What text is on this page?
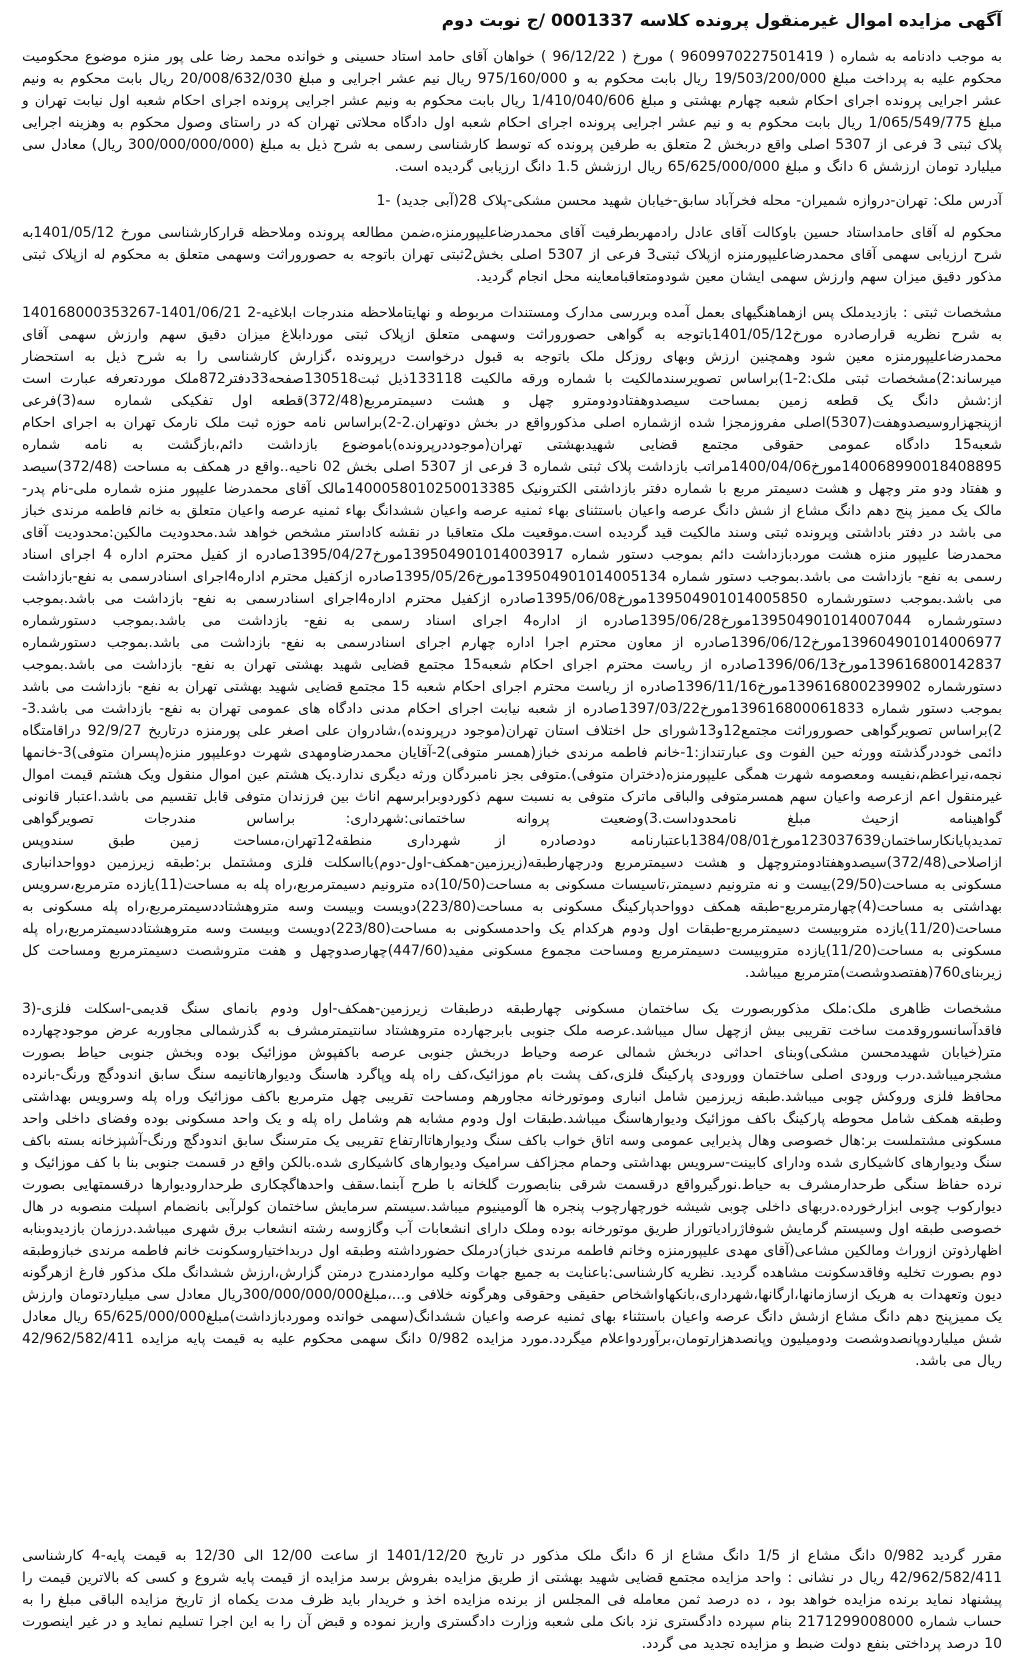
آگهی مزایده اموال غیرمنقول پرونده کلاسه 0001337 /ج نوبت دوم

به موجب دادنامه به شماره ( 9609970227501419 ) مورخ ( 96/12/22 ) خواهان آقای حامد استاد حسینی و خوانده محمد رضا علی پور منزه موضوع محکومیت محکوم علیه به پرداخت مبلغ 19/503/200/000 ریال بابت محکوم به و 975/160/000 ریال نیم عشر اجرایی و مبلغ 20/008/632/030 ریال بابت محکوم به ونیم عشر اجرایی پرونده اجرای احکام شعبه چهارم بهشتی و مبلغ 1/410/040/606 ریال بابت محکوم به ونیم عشر اجرایی پرونده اجرای احکام شعبه اول نیابت تهران و مبلغ 1/065/549/775 ریال بابت محکوم به و نیم عشر اجرایی پرونده اجرای احکام شعبه اول دادگاه محلاتی تهران که در راستای وصول محکوم به وهزینه اجرایی پلاک ثبتی 3 فرعی از 5307 اصلی واقع دربخش 2 متعلق به طرفین پرونده که توسط کارشناسی رسمی به شرح ذیل به مبلغ (300/000/000/000 ریال) معادل سی میلیارد تومان ارزشش 6 دانگ و مبلغ 65/625/000/000 ریال ارزشش 1.5 دانگ ارزیابی گردیده است.

آدرس ملک: تهران-دروازه شمیران- محله فخرآباد سابق-خیابان شهید محسن مشکی-پلاک 28(آبی جدید) -1

محکوم له آقای حامداستاد حسین باوکالت آقای عادل رادمهربطرفیت آقای محمدرضاعلیپورمنزه،ضمن مطالعه پرونده وملاحظه قرارکارشناسی مورخ 1401/05/12به شرح ارزیابی سهمی آقای محمدرضاعلیپورمنزه ازپلاک ثبتی3 فرعی از 5307 اصلی بخش2ثبتی تهران باتوجه به حصوروراثت وسهمی متعلق به محکوم له ازپلاک ثبتی مذکور دقیق میزان سهم وارزش سهمی ایشان معین شودومتعاقبامعاینه محل انجام گردید.

مشخصات ثبتی : بازدیدملک پس ازهماهنگیهای بعمل آمده وبررسی مدارک ومستندات مربوطه و نهایتاملاحظه مندرجات ابلاغیه-2 1401/06/21-140168000353267 به شرح نظریه قرارصادره مورخ1401/05/12باتوجه به گواهی حصوروراثت وسهمی متعلق ازپلاک ثبتی موردابلاغ میزان دقیق سهم وارزش سهمی آقای محمدرضاعلیپورمنزه معین شود وهمچنین ارزش وبهای روزکل ملک باتوجه به قبول درخواست درپرونده ،گزارش کارشناسی را به شرح ذیل به استحضار میرساند:2)مشخصات ثبتی ملک:2-1)براساس تصویرسندمالکیت با شماره ورقه مالکیت 133118ذیل ثبت130518صفحه33دفتر872ملک موردتعرفه عبارت است از:شش دانگ یک قطعه زمین بمساحت سیصدوهفتادودومترو چهل و هشت دسیمترمربع(372/48)قطعه اول تفکیکی شماره سه(3)فرعی ازپنجهزاروسیصدوهفت(5307)اصلی مفروزمجزا شده ازشماره اصلی مذکورواقع در بخش دوتهران.2-2)براساس نامه حوزه ثبت ملک نارمک تهران به اجرای احکام شعبه15 دادگاه عمومی حقوقی مجتمع قضایی شهیدبهشتی تهران(موجوددرپرونده)باموضوع بازداشت دائم،بازگشت به نامه شماره 140068990018408895مورخ1400/04/06مراتب بازداشت پلاک ثبتی شماره 3 فرعی از 5307 اصلی بخش 02 ناحیه..واقع در همکف به مساحت (372/48)سیصد و هفتاد ودو متر وچهل و هشت دسیمتر مربع با شماره دفتر بازداشتی الکترونیک 1400058010250013385مالک آقای محمدرضا علیپور منزه شماره ملی-نام پدر- مالک یک ممیز پنج دهم دانگ مشاع از شش دانگ عرصه واعیان باستثنای بهاء ثمنیه عرصه واعیان ششدانگ بهاء ثمنیه عرصه واعیان متعلق به خانم فاطمه مرندی خباز می باشد در دفتر باداشتی وپرونده ثبتی وسند مالکیت قید گردیده است.موقعیت ملک متعاقبا در نقشه کاداستر مشخص خواهد شد.محدودیت مالکین:محدودیت آقای محمدرضا علیپور منزه هشت موردبازداشت دائم بموجب دستور شماره 139504901014003917مورخ1395/04/27صادره از کفیل محترم اداره 4 اجرای اسناد رسمی به نفع- بازداشت می باشد.بموجب دستور شماره 139504901014005134مورخ1395/05/26صادره ازکفیل محترم اداره4اجرای اسنادرسمی به نفع-بازداشت می باشد.بموجب دستورشماره 139504901014005850مورخ1395/06/08صادره ازکفیل محترم اداره4اجرای اسنادرسمی به نفع- بازداشت می باشد.بموجب دستورشماره 139504901014007044مورخ1395/06/28صادره از اداره4 اجرای اسناد رسمی به نفع- بازداشت می باشد.بموجب دستورشماره 139604901014006977مورخ1396/06/12صادره از معاون محترم اجرا اداره چهارم اجرای اسنادرسمی به نفع- بازداشت می باشد.بموجب دستورشماره 139616800142837مورخ1396/06/13صادره از ریاست محترم اجرای احکام شعبه15 مجتمع قضایی شهید بهشتی تهران به نفع- بازداشت می باشد.بموجب دستورشماره 139616800239902مورخ1396/11/16صادره از ریاست محترم اجرای احکام شعبه 15 مجتمع قضایی شهید بهشتی تهران به نفع- بازداشت می باشد بموجب دستور شماره 139616800061833مورخ1397/03/22صادره از شعبه نیابت اجرای احکام مدنی دادگاه های عمومی تهران به نفع- بازداشت می باشد.3-2)براساس تصویرگواهی حصوروراثت مجتمع12و13شورای حل اختلاف استان تهران(موجود درپرونده)،شادروان علی اصغر علی پورمنزه درتاریخ 92/9/27 دراقامتگاه دائمی خوددرگذشته وورثه حین الفوت وی عبارتنداز:1-خانم فاطمه مرندی خباز(همسر متوفی)2-آقایان محمدرضاومهدی شهرت دوعلیپور منزه(پسران متوفی)3-خانمها نجمه،نیراعظم،نفیسه ومعصومه شهرت همگی علیپورمنزه(دختران متوفی).متوفی بجز نامبردگان ورثه دیگری ندارد.یک هشتم عین اموال منقول ویک هشتم قیمت اموال غیرمنقول اعم ازعرصه واعیان سهم همسرمتوفی والباقی ماترک متوفی به نسبت سهم ذکوردوبرابرسهم اناث بین فرزندان متوفی قابل تقسیم می باشد.اعتبار قانونی گواهینامه ازحیث مبلغ نامحدوداست.3)وضعیت پروانه ساختمانی:شهرداری: براساس مندرجات تصویرگواهی تمدیدپایانکارساختمان123037639مورخ1384/08/01باعتبارنامه دودصادره از شهرداری منطقه12تهران،مساحت زمین طبق سندوپس ازاصلاحی(372/48)سیصدوهفتادومتروچهل و هشت دسیمترمربع ودرچهارطبقه(زیرزمین-همکف-اول-دوم)بااسکلت فلزی ومشتمل بر:طبقه زیرزمین دوواحدانباری مسکونی به مساحت(29/50)بیست و نه مترونیم دسیمتر،تاسیسات مسکونی به مساحت(10/50)ده مترونیم دسیمترمربع،راه پله به مساحت(11)یازده مترمربع،سرویس بهداشتی به مساحت(4)چهارمترمربع-طبقه همکف دوواحدپارکینگ مسکونی به مساحت(223/80)دویست وبیست وسه متروهشتاددسیمترمربع،راه پله مسکونی به مساحت(11/20)یازده متروبیست دسیمترمربع-طبقات اول ودوم هرکدام یک واحدمسکونی به مساحت(223/80)دویست وبیست وسه متروهشتاددسیمترمربع،راه پله مسکونی به مساحت(11/20)یازده متروبیست دسیمترمربع ومساحت مجموع مسکونی مفید(447/60)چهارصدوچهل و هفت متروشصت دسیمترمربع ومساحت کل زیربنای760(هفتصدوشصت)مترمربع میباشد.

مشخصات ظاهری ملک:ملک مذکوربصورت یک ساختمان مسکونی چهارطبقه درطبقات زیرزمین-همکف-اول ودوم بانمای سنگ قدیمی-اسکلت فلزی-(3 فاقدآسانسوروقدمت ساخت تقریبی بیش ازچهل سال میباشد.عرصه ملک جنوبی بابرجهارده متروهشتاد سانتیمترمشرف به گذرشمالی مجاوربه عرض موجودچهارده متر(خیابان شهیدمحسن مشکی)وبنای احداثی دربخش شمالی عرصه وحیاط دربخش جنوبی عرصه باکفپوش موزائیک بوده وبخش جنوبی حیاط بصورت مشجرمیباشد.درب ورودی اصلی ساختمان وورودی پارکینگ فلزی،کف پشت بام موزائیک،کف راه پله وپاگرد هاسنگ ودیوارهاتانیمه سنگ سابق اندودگچ ورنگ-بانرده محافظ فلزی وروکش چوبی میباشد.طبقه زیرزمین شامل انباری وموتورخانه مجاورهم ومساحت تقریبی چهل مترمربع باکف موزائیک وراه پله وسرویس بهداشتی وطبقه همکف شامل محوطه پارکینگ باکف موزائیک ودیوارهاسنگ میباشد.طبقات اول ودوم مشابه هم وشامل راه پله و یک واحد مسکونی بوده وفضای داخلی واحد مسکونی مشتملست بر:هال خصوصی وهال پذیرایی عمومی وسه اتاق خواب باکف سنگ ودیوارهاتاارتفاع تقریبی یک مترسنگ سابق اندودگچ ورنگ-آشپزخانه بسته باکف سنگ ودیوارهای کاشیکاری شده ودارای کابینت-سرویس بهداشتی وحمام مجزاکف سرامیک ودیوارهای کاشیکاری شده.بالکن واقع در قسمت جنوبی بنا با کف موزائیک و نرده حفاظ سنگی طرحدارمشرف به حیاط.نورگیرواقع درقسمت شرقی بنابصورت گلخانه با طرح آبنما.سقف واحدهاگچکاری طرحدارودیوارها درقسمتهایی بصورت دیوارکوب چوبی ابزارخورده.دربهای داخلی چوبی شیشه خورچهارچوب پنجره ها آلومینیوم میباشد.سیستم سرمایش ساختمان کولرآبی بانضمام اسپلت منصوبه در هال خصوصی طبقه اول وسیستم گرمایش شوفاژرادیاتوراز طریق موتورخانه بوده وملک دارای انشعابات آب وگازوسه رشته انشعاب برق شهری میباشد.درزمان بازدیدوبنابه اظهارذوتن ازوراث ومالکین مشاعی(آقای مهدی علیپورمنزه وخانم فاطمه مرندی خباز)درملک حضورداشته وطبقه اول دربداختیاروسکونت خانم فاطمه مرندی خبازوطبقه دوم بصورت تخلیه وفاقدسکونت مشاهده گردید. نظریه کارشناسی:باعنایت به جمیع جهات وکلیه مواردمندرج درمتن گزارش،ارزش ششدانگ ملک مذکور فارغ ازهرگونه دیون وتعهدات به هریک ازسازمانها،ارگانها،شهرداری،بانکهاواشخاص حقیقی وحقوقی وهرگونه خلافی و...،مبلغ300/000/000/000ریال معادل سی میلیاردتومان وارزش یک ممیزپنج دهم دانگ مشاع ازشش دانگ عرصه واعیان باستثناء بهای ثمنیه عرصه واعیان ششدانگ(سهمی خوانده وموردبازداشت)مبلغ65/625/000/000 ریال معادل شش میلیاردوپانصدوشصت ودومیلیون وپانصدهزارتومان،برآوردواعلام میگردد.مورد مزایده 0/982 دانگ سهمی محکوم علیه به قیمت پایه مزایده 42/962/582/411 ریال می باشد.

مقرر گردید 0/982 دانگ مشاع از 1/5 دانگ مشاع از 6 دانگ ملک مذکور در تاریخ 1401/12/20 از ساعت 12/00 الی 12/30 به قیمت پایه-4 کارشناسی 42/962/582/411 ریال در نشانی : واحد مزایده مجتمع قضایی شهید بهشتی از طریق مزایده بفروش برسد مزایده از قیمت پایه شروع و کسی که بالاترین قیمت را پیشنهاد نماید برنده مزایده خواهد بود ، ده درصد ثمن معامله فی المجلس از برنده مزایده اخذ و خریدار باید ظرف مدت یکماه از تاریخ مزایده الباقی مبلغ را به حساب شماره 2171299008000 بنام سپرده دادگستری نزد بانک ملی شعبه وزارت دادگستری واریز نموده و قبض آن را به این اجرا تسلیم نماید و در غیر اینصورت 10 درصد پرداختی بنفع دولت ضبط و مزایده تجدید می گردد.
